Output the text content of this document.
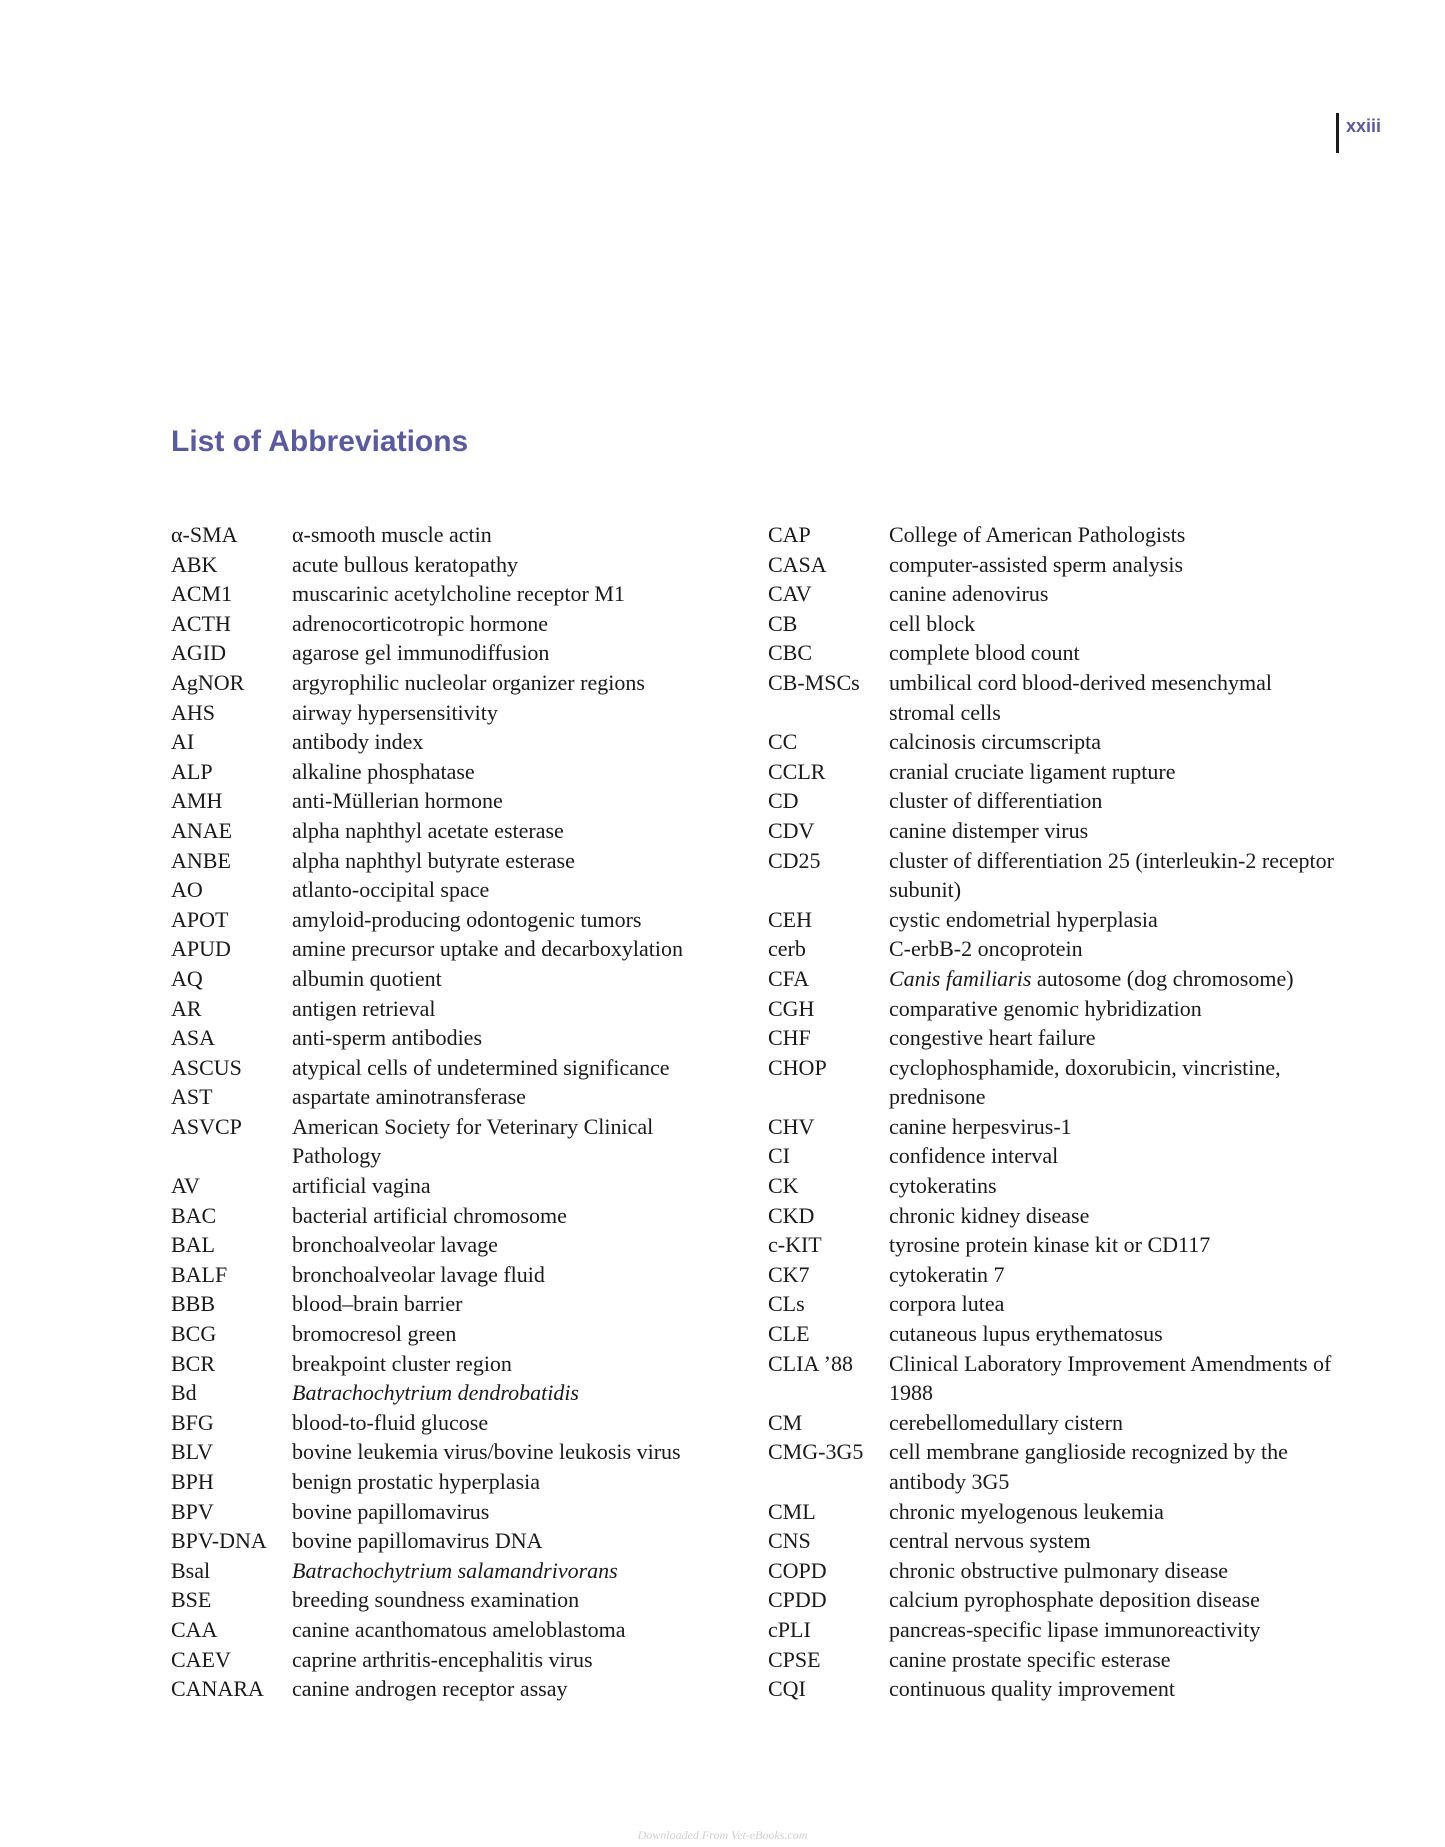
xxiii
List of Abbreviations
α-SMA	α-smooth muscle actin
ABK	acute bullous keratopathy
ACM1	muscarinic acetylcholine receptor M1
ACTH	adrenocorticotropic hormone
AGID	agarose gel immunodiffusion
AgNOR	argyrophilic nucleolar organizer regions
AHS	airway hypersensitivity
AI	antibody index
ALP	alkaline phosphatase
AMH	anti-Müllerian hormone
ANAE	alpha naphthyl acetate esterase
ANBE	alpha naphthyl butyrate esterase
AO	atlanto-occipital space
APOT	amyloid-producing odontogenic tumors
APUD	amine precursor uptake and decarboxylation
AQ	albumin quotient
AR	antigen retrieval
ASA	anti-sperm antibodies
ASCUS	atypical cells of undetermined significance
AST	aspartate aminotransferase
ASVCP	American Society for Veterinary Clinical Pathology
AV	artificial vagina
BAC	bacterial artificial chromosome
BAL	bronchoalveolar lavage
BALF	bronchoalveolar lavage fluid
BBB	blood–brain barrier
BCG	bromocresol green
BCR	breakpoint cluster region
Bd	Batrachochytrium dendrobatidis
BFG	blood-to-fluid glucose
BLV	bovine leukemia virus/bovine leukosis virus
BPH	benign prostatic hyperplasia
BPV	bovine papillomavirus
BPV-DNA	bovine papillomavirus DNA
Bsal	Batrachochytrium salamandrivorans
BSE	breeding soundness examination
CAA	canine acanthomatous ameloblastoma
CAEV	caprine arthritis-encephalitis virus
CANARA	canine androgen receptor assay
CAP	College of American Pathologists
CASA	computer-assisted sperm analysis
CAV	canine adenovirus
CB	cell block
CBC	complete blood count
CB-MSCs	umbilical cord blood-derived mesenchymal stromal cells
CC	calcinosis circumscripta
CCLR	cranial cruciate ligament rupture
CD	cluster of differentiation
CDV	canine distemper virus
CD25	cluster of differentiation 25 (interleukin-2 receptor subunit)
CEH	cystic endometrial hyperplasia
cerb	C-erbB-2 oncoprotein
CFA	Canis familiaris autosome (dog chromosome)
CGH	comparative genomic hybridization
CHF	congestive heart failure
CHOP	cyclophosphamide, doxorubicin, vincristine, prednisone
CHV	canine herpesvirus-1
CI	confidence interval
CK	cytokeratins
CKD	chronic kidney disease
c-KIT	tyrosine protein kinase kit or CD117
CK7	cytokeratin 7
CLs	corpora lutea
CLE	cutaneous lupus erythematosus
CLIA ’88	Clinical Laboratory Improvement Amendments of 1988
CM	cerebellomedullary cistern
CMG-3G5	cell membrane ganglioside recognized by the antibody 3G5
CML	chronic myelogenous leukemia
CNS	central nervous system
COPD	chronic obstructive pulmonary disease
CPDD	calcium pyrophosphate deposition disease
cPLI	pancreas-specific lipase immunoreactivity
CPSE	canine prostate specific esterase
CQI	continuous quality improvement
Downloaded From Vet-eBooks.com
